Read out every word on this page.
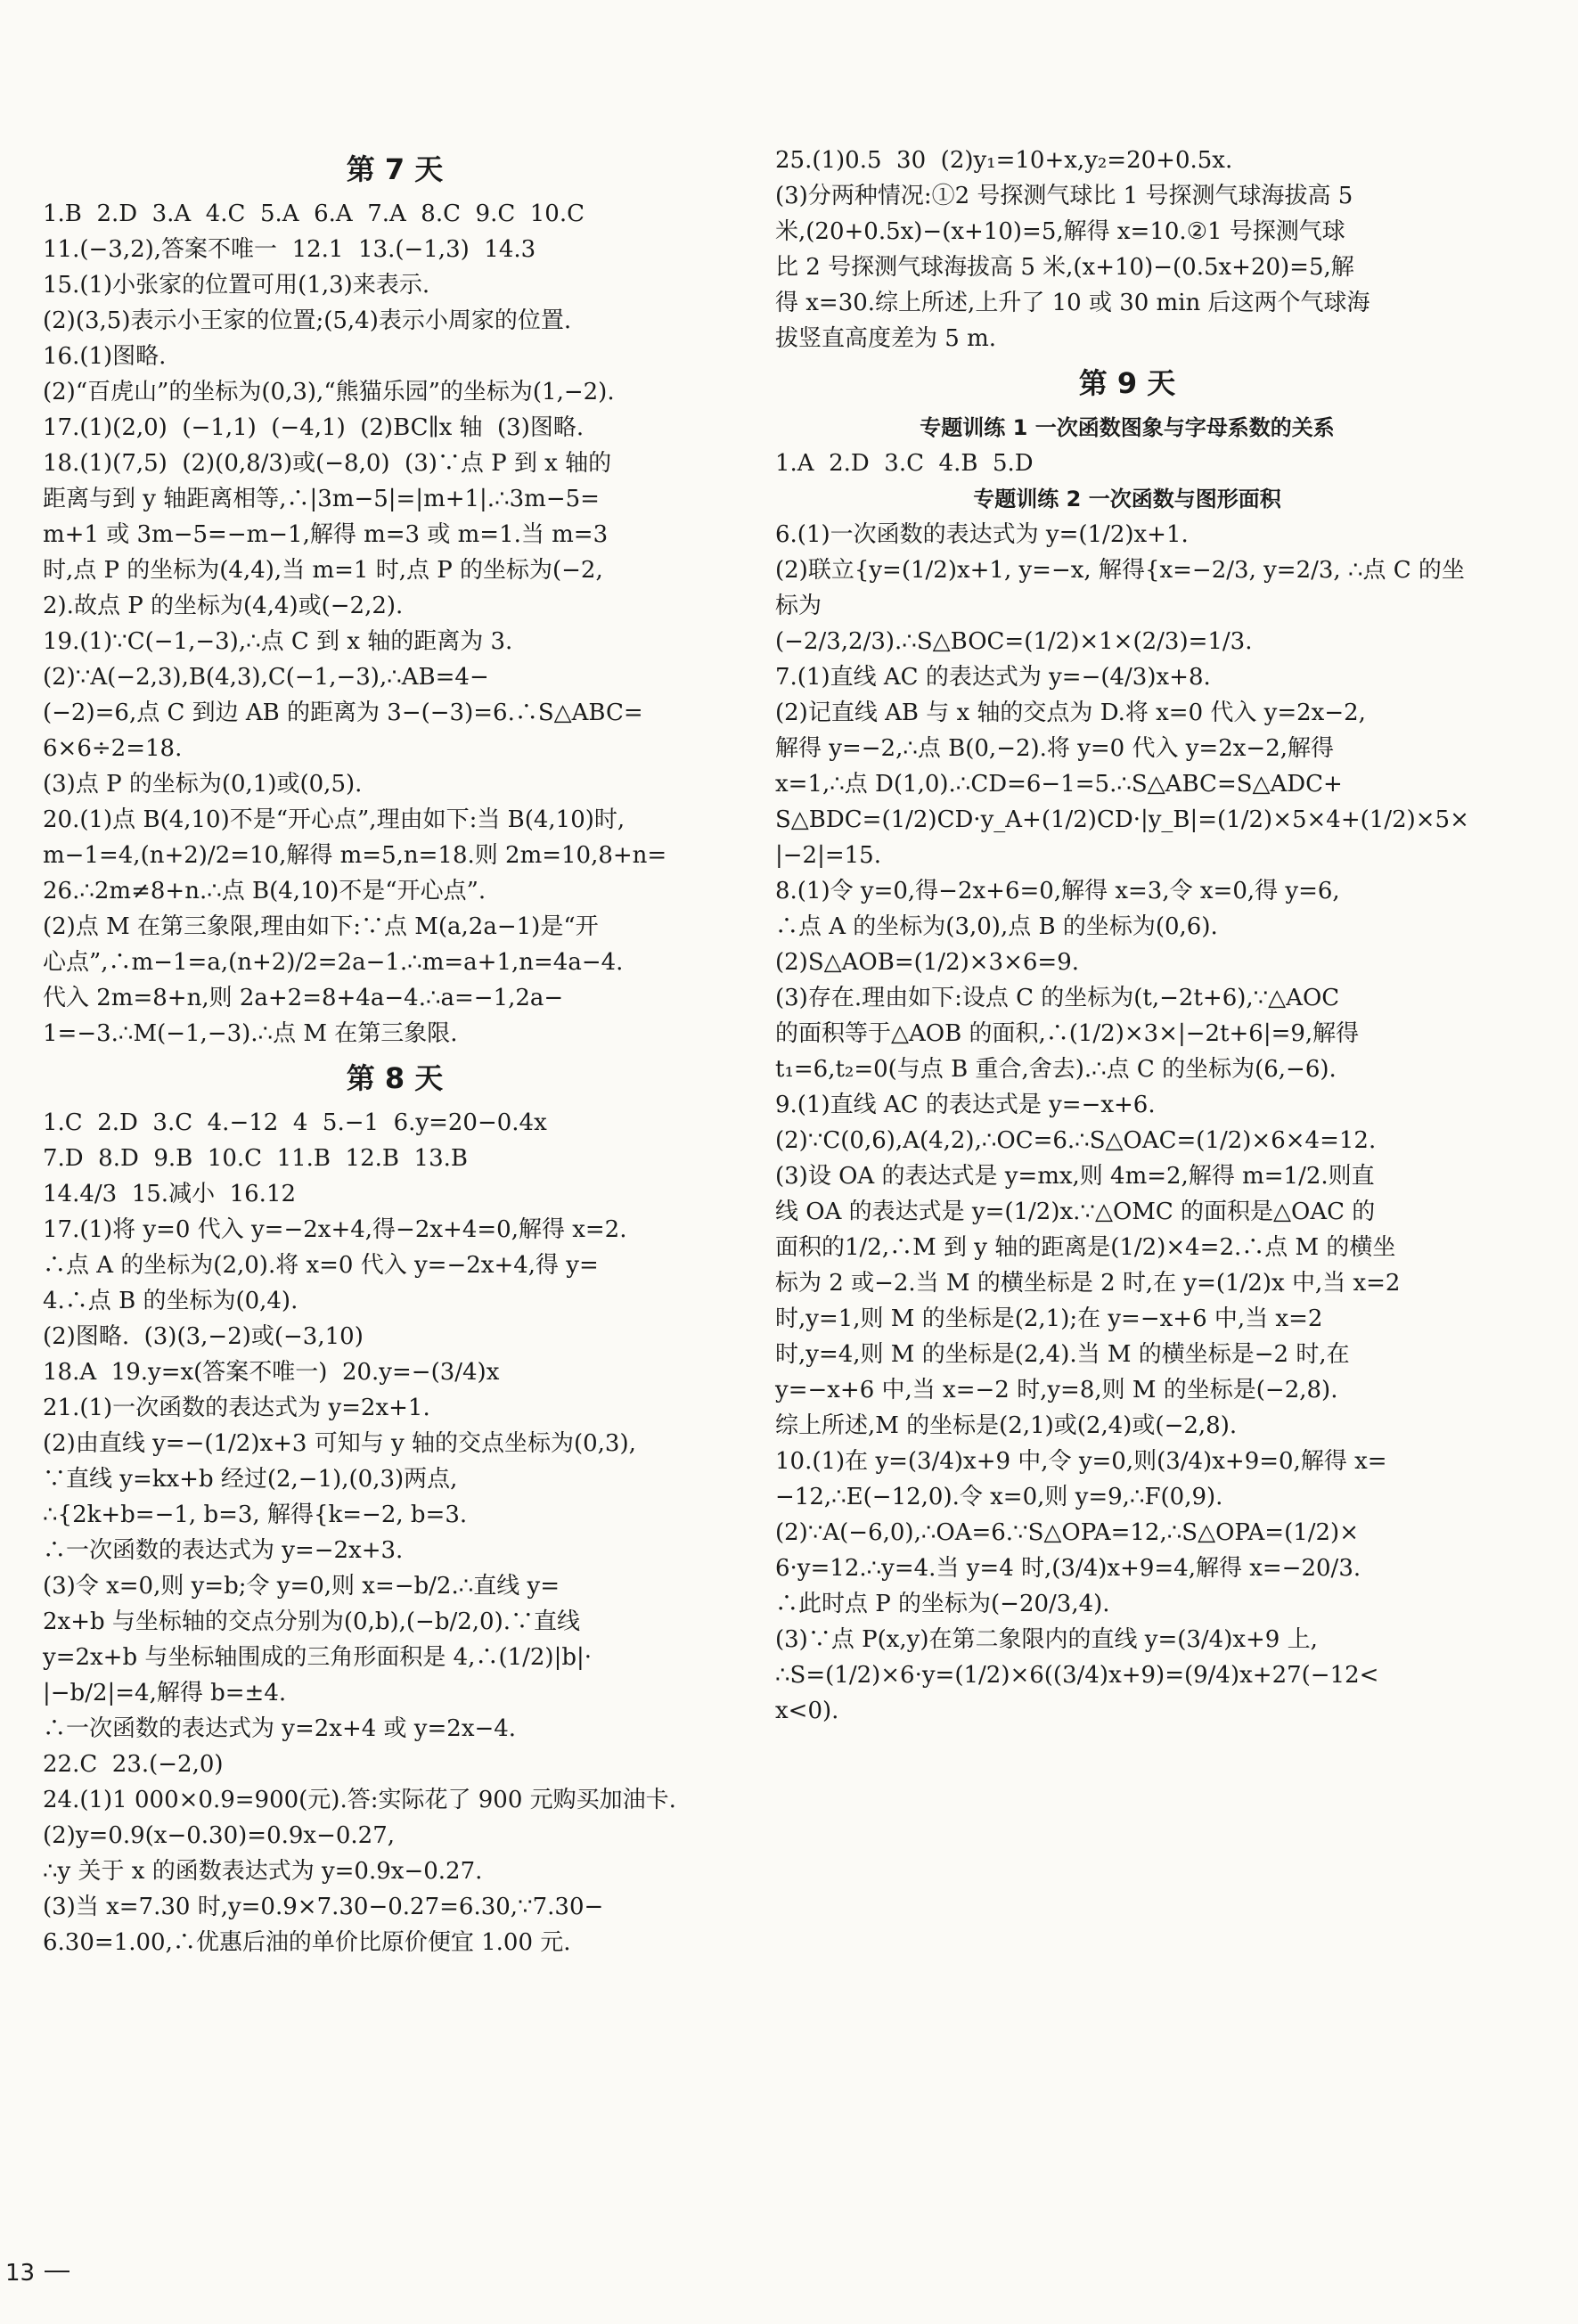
第 7 天
1.B  2.D  3.A  4.C  5.A  6.A  7.A  8.C  9.C  10.C
11.(−3,2),答案不唯一  12.1  13.(−1,3)  14.3
15.(1)小张家的位置可用(1,3)来表示.
(2)(3,5)表示小王家的位置;(5,4)表示小周家的位置.
16.(1)图略.
(2)“百虎山”的坐标为(0,3),“熊猫乐园”的坐标为(1,−2).
17.(1)(2,0)  (−1,1)  (−4,1)  (2)BC∥x 轴  (3)图略.
18.(1)(7,5)  (2)(0,8/3)或(−8,0)  (3)∵点 P 到 x 轴的
距离与到 y 轴距离相等,∴|3m−5|=|m+1|.∴3m−5=
m+1 或 3m−5=−m−1,解得 m=3 或 m=1.当 m=3
时,点 P 的坐标为(4,4),当 m=1 时,点 P 的坐标为(−2,
2).故点 P 的坐标为(4,4)或(−2,2).
19.(1)∵C(−1,−3),∴点 C 到 x 轴的距离为 3.
(2)∵A(−2,3),B(4,3),C(−1,−3),∴AB=4−
(−2)=6,点 C 到边 AB 的距离为 3−(−3)=6.∴S△ABC=
6×6÷2=18.
(3)点 P 的坐标为(0,1)或(0,5).
20.(1)点 B(4,10)不是“开心点”,理由如下:当 B(4,10)时,
m−1=4,(n+2)/2=10,解得 m=5,n=18.则 2m=10,8+n=
26.∴2m≠8+n.∴点 B(4,10)不是“开心点”.
(2)点 M 在第三象限,理由如下:∵点 M(a,2a−1)是“开
心点”,∴m−1=a,(n+2)/2=2a−1.∴m=a+1,n=4a−4.
代入 2m=8+n,则 2a+2=8+4a−4.∴a=−1,2a−
1=−3.∴M(−1,−3).∴点 M 在第三象限.
第 8 天
1.C  2.D  3.C  4.−12  4  5.−1  6.y=20−0.4x
7.D  8.D  9.B  10.C  11.B  12.B  13.B
14.4/3  15.减小  16.12
17.(1)将 y=0 代入 y=−2x+4,得−2x+4=0,解得 x=2.
∴点 A 的坐标为(2,0).将 x=0 代入 y=−2x+4,得 y=
4.∴点 B 的坐标为(0,4).
(2)图略.  (3)(3,−2)或(−3,10)
18.A  19.y=x(答案不唯一)  20.y=−(3/4)x
21.(1)一次函数的表达式为 y=2x+1.
(2)由直线 y=−(1/2)x+3 可知与 y 轴的交点坐标为(0,3),
∵直线 y=kx+b 经过(2,−1),(0,3)两点,
∴{2k+b=−1, b=3, 解得{k=−2, b=3.
∴一次函数的表达式为 y=−2x+3.
(3)令 x=0,则 y=b;令 y=0,则 x=−b/2.∴直线 y=
2x+b 与坐标轴的交点分别为(0,b),(−b/2,0).∵直线
y=2x+b 与坐标轴围成的三角形面积是 4,∴(1/2)|b|·
|−b/2|=4,解得 b=±4.
∴一次函数的表达式为 y=2x+4 或 y=2x−4.
22.C  23.(−2,0)
24.(1)1 000×0.9=900(元).答:实际花了 900 元购买加油卡.
(2)y=0.9(x−0.30)=0.9x−0.27,
∴y 关于 x 的函数表达式为 y=0.9x−0.27.
(3)当 x=7.30 时,y=0.9×7.30−0.27=6.30,∵7.30−
6.30=1.00,∴优惠后油的单价比原价便宜 1.00 元.
25.(1)0.5  30  (2)y₁=10+x,y₂=20+0.5x.
(3)分两种情况:①2 号探测气球比 1 号探测气球海拔高 5
米,(20+0.5x)−(x+10)=5,解得 x=10.②1 号探测气球
比 2 号探测气球海拔高 5 米,(x+10)−(0.5x+20)=5,解
得 x=30.综上所述,上升了 10 或 30 min 后这两个气球海
拔竖直高度差为 5 m.
第 9 天
专题训练 1 一次函数图象与字母系数的关系
1.A  2.D  3.C  4.B  5.D
专题训练 2 一次函数与图形面积
6.(1)一次函数的表达式为 y=(1/2)x+1.
(2)联立{y=(1/2)x+1, y=−x, 解得{x=−2/3, y=2/3, ∴点 C 的坐标为
(−2/3,2/3).∴S△BOC=(1/2)×1×(2/3)=1/3.
7.(1)直线 AC 的表达式为 y=−(4/3)x+8.
(2)记直线 AB 与 x 轴的交点为 D.将 x=0 代入 y=2x−2,
解得 y=−2,∴点 B(0,−2).将 y=0 代入 y=2x−2,解得
x=1,∴点 D(1,0).∴CD=6−1=5.∴S△ABC=S△ADC+
S△BDC=(1/2)CD·y_A+(1/2)CD·|y_B|=(1/2)×5×4+(1/2)×5×
|−2|=15.
8.(1)令 y=0,得−2x+6=0,解得 x=3,令 x=0,得 y=6,
∴点 A 的坐标为(3,0),点 B 的坐标为(0,6).
(2)S△AOB=(1/2)×3×6=9.
(3)存在.理由如下:设点 C 的坐标为(t,−2t+6),∵△AOC
的面积等于△AOB 的面积,∴(1/2)×3×|−2t+6|=9,解得
t₁=6,t₂=0(与点 B 重合,舍去).∴点 C 的坐标为(6,−6).
9.(1)直线 AC 的表达式是 y=−x+6.
(2)∵C(0,6),A(4,2),∴OC=6.∴S△OAC=(1/2)×6×4=12.
(3)设 OA 的表达式是 y=mx,则 4m=2,解得 m=1/2.则直
线 OA 的表达式是 y=(1/2)x.∵△OMC 的面积是△OAC 的
面积的1/2,∴M 到 y 轴的距离是(1/2)×4=2.∴点 M 的横坐
标为 2 或−2.当 M 的横坐标是 2 时,在 y=(1/2)x 中,当 x=2
时,y=1,则 M 的坐标是(2,1);在 y=−x+6 中,当 x=2
时,y=4,则 M 的坐标是(2,4).当 M 的横坐标是−2 时,在
y=−x+6 中,当 x=−2 时,y=8,则 M 的坐标是(−2,8).
综上所述,M 的坐标是(2,1)或(2,4)或(−2,8).
10.(1)在 y=(3/4)x+9 中,令 y=0,则(3/4)x+9=0,解得 x=
−12,∴E(−12,0).令 x=0,则 y=9,∴F(0,9).
(2)∵A(−6,0),∴OA=6.∵S△OPA=12,∴S△OPA=(1/2)×
6·y=12.∴y=4.当 y=4 时,(3/4)x+9=4,解得 x=−20/3.
∴此时点 P 的坐标为(−20/3,4).
(3)∵点 P(x,y)在第二象限内的直线 y=(3/4)x+9 上,
∴S=(1/2)×6·y=(1/2)×6((3/4)x+9)=(9/4)x+27(−12<
x<0).
13
